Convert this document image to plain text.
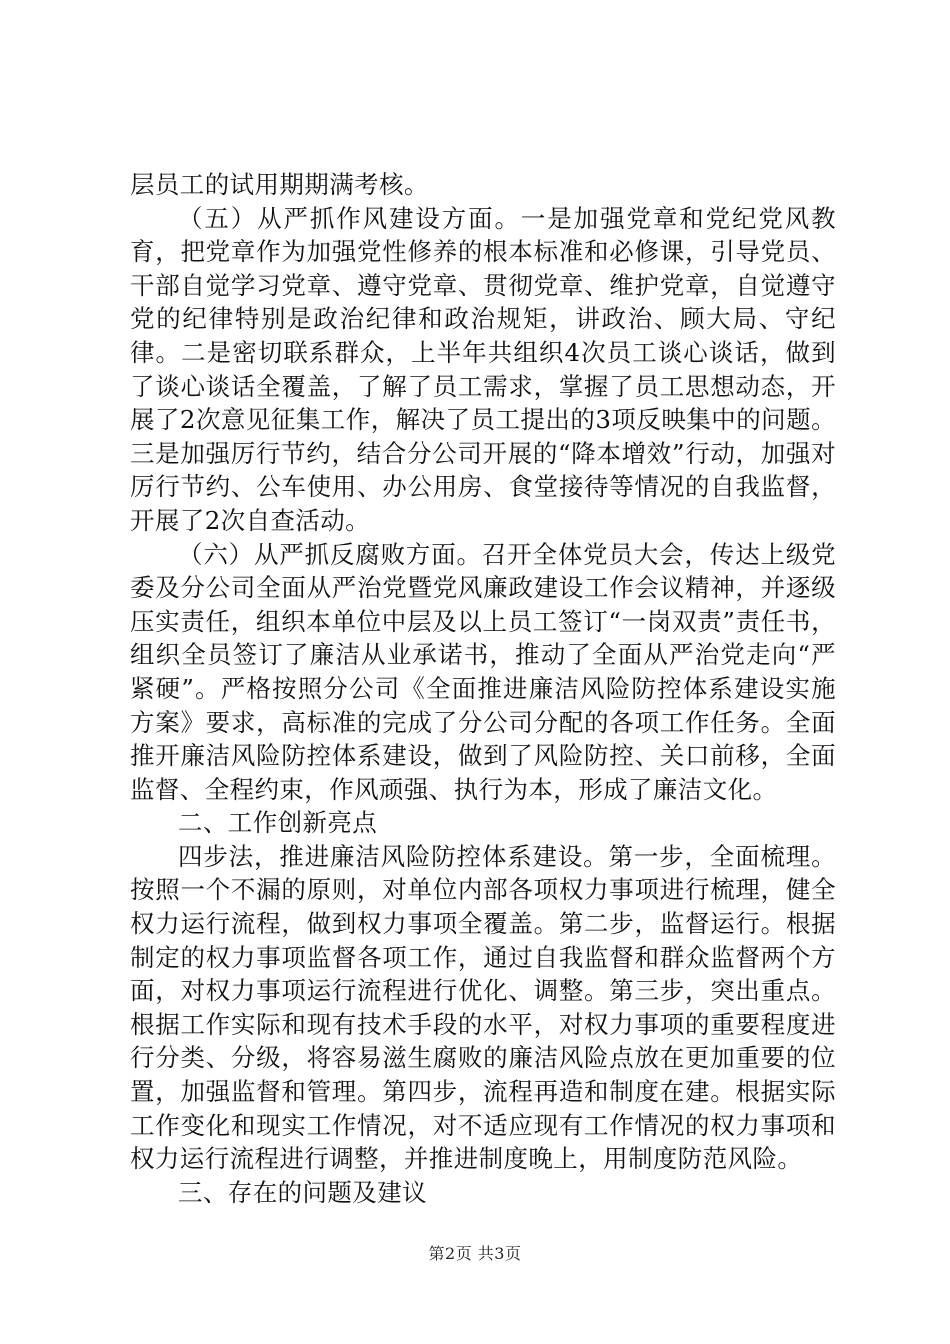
层员工的试用期期满考核。

（五）从严抓作风建设方面。一是加强党章和党纪党风教育，把党章作为加强党性修养的根本标准和必修课，引导党员、干部自觉学习党章、遵守党章、贯彻党章、维护党章，自觉遵守党的纪律特别是政治纪律和政治规矩，讲政治、顾大局、守纪律。二是密切联系群众，上半年共组织4次员工谈心谈话，做到了谈心谈话全覆盖，了解了员工需求，掌握了员工思想动态，开展了2次意见征集工作，解决了员工提出的3项反映集中的问题。三是加强厉行节约，结合分公司开展的“降本增效”行动，加强对厉行节约、公车使用、办公用房、食堂接待等情况的自我监督，开展了2次自查活动。

（六）从严抓反腐败方面。召开全体党员大会，传达上级党委及分公司全面从严治党暨党风廉政建设工作会议精神，并逐级压实责任，组织本单位中层及以上员工签订“一岗双责”责任书，组织全员签订了廉洁从业承诺书，推动了全面从严治党走向“严紧硬”。严格按照分公司《全面推进廉洁风险防控体系建设实施方案》要求，高标准的完成了分公司分配的各项工作任务。全面推开廉洁风险防控体系建设，做到了风险防控、关口前移，全面监督、全程约束，作风顽强、执行为本，形成了廉洁文化。

二、工作创新亮点

四步法，推进廉洁风险防控体系建设。第一步，全面梳理。按照一个不漏的原则，对单位内部各项权力事项进行梳理，健全权力运行流程，做到权力事项全覆盖。第二步，监督运行。根据制定的权力事项监督各项工作，通过自我监督和群众监督两个方面，对权力事项运行流程进行优化、调整。第三步，突出重点。根据工作实际和现有技术手段的水平，对权力事项的重要程度进行分类、分级，将容易滋生腐败的廉洁风险点放在更加重要的位置，加强监督和管理。第四步，流程再造和制度在建。根据实际工作变化和现实工作情况，对不适应现有工作情况的权力事项和权力运行流程进行调整，并推进制度晚上，用制度防范风险。

三、存在的问题及建议

第2页 共3页
